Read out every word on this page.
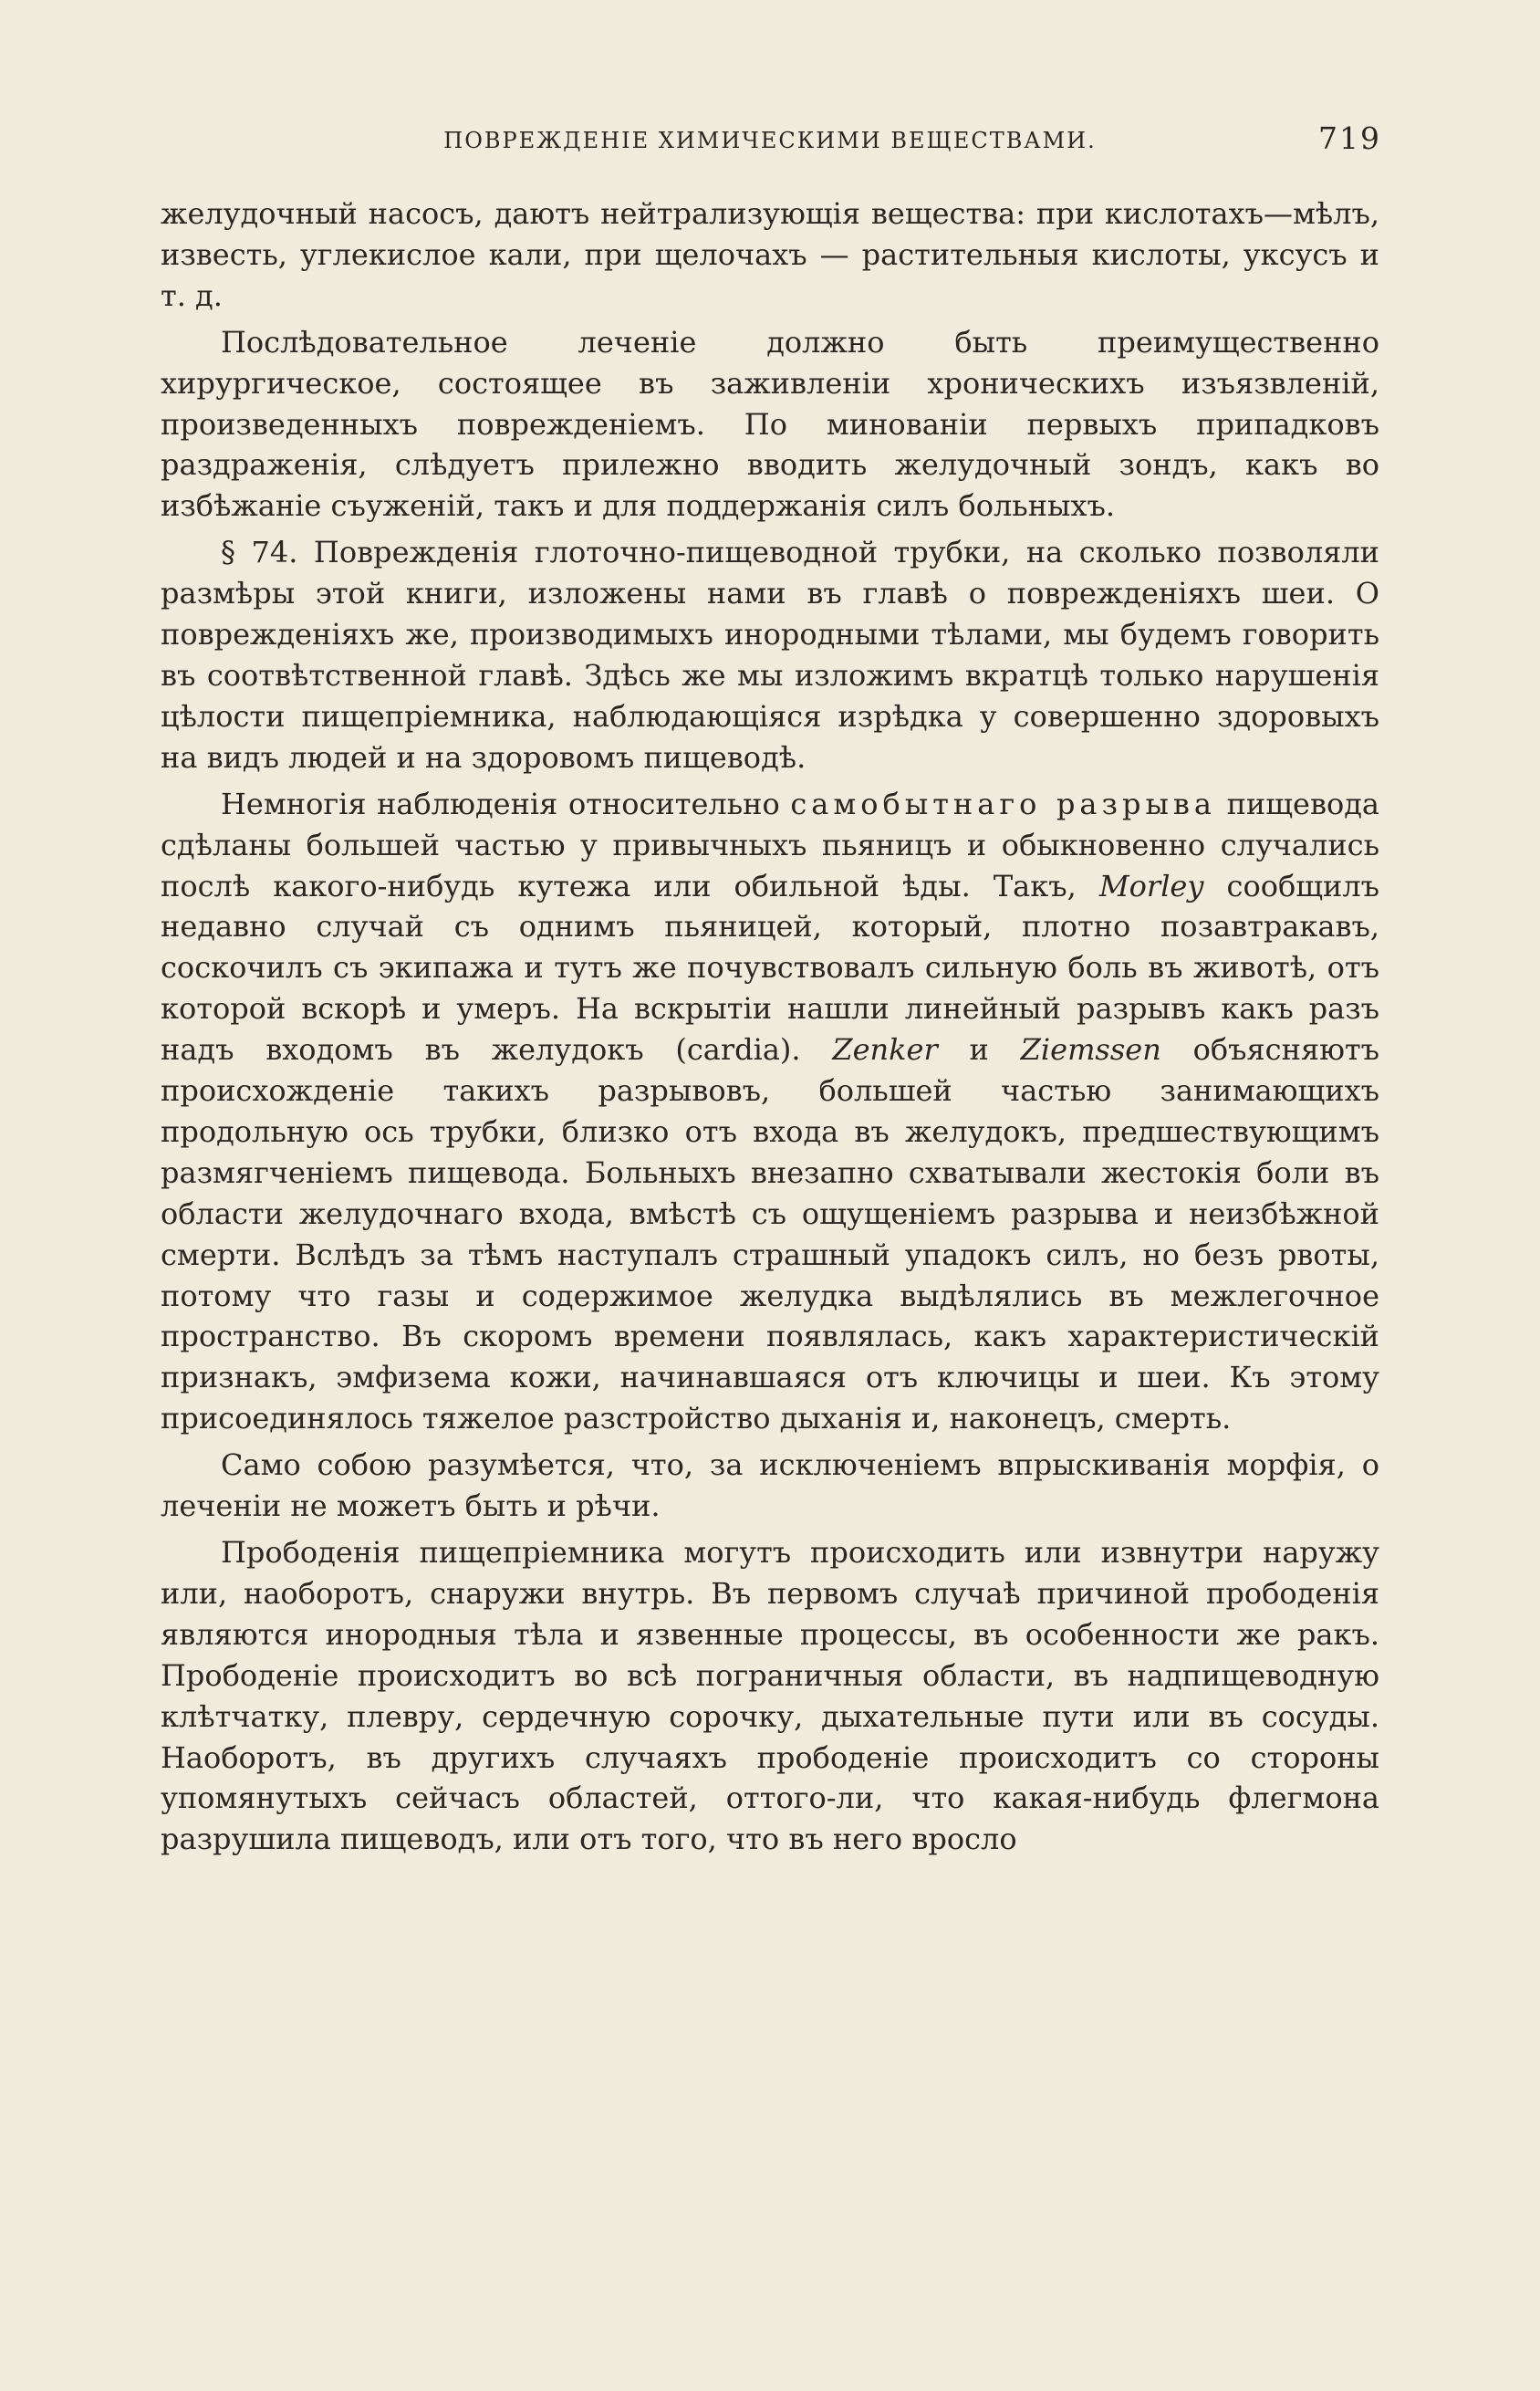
ПОВРЕЖДЕНІЕ ХИМИЧЕСКИМИ ВЕЩЕСТВАМИ.	719

желудочный насосъ, даютъ нейтрализующія вещества: при кислотахъ—мѣлъ, известь, углекислое кали, при щелочахъ — растительныя кислоты, уксусъ и т. д.

Послѣдовательное леченіе должно быть преимущественно хирургическое, состоящее въ заживленіи хроническихъ изъязвленій, произведенныхъ поврежденіемъ. По минованіи первыхъ припадковъ раздраженія, слѣдуетъ прилежно вводить желудочный зондъ, какъ во избѣжаніе съуженій, такъ и для поддержанія силъ больныхъ.

§ 74. Поврежденія глоточно-пищеводной трубки, на сколько позволяли размѣры этой книги, изложены нами въ главѣ о поврежденіяхъ шеи. О поврежденіяхъ же, производимыхъ инородными тѣлами, мы будемъ говорить въ соотвѣтственной главѣ. Здѣсь же мы изложимъ вкратцѣ только нарушенія цѣлости пищепріемника, наблюдающіяся изрѣдка у совершенно здоровыхъ на видъ людей и на здоровомъ пищеводѣ.

Немногія наблюденія относительно самобытнаго разрыва пищевода сдѣланы большей частью у привычныхъ пьяницъ и обыкновенно случались послѣ какого-нибудь кутежа или обильной ѣды. Такъ, Morley сообщилъ недавно случай съ однимъ пьяницей, который, плотно позавтракавъ, соскочилъ съ экипажа и тутъ же почувствовалъ сильную боль въ животѣ, отъ которой вскорѣ и умеръ. На вскрытіи нашли линейный разрывъ какъ разъ надъ входомъ въ желудокъ (cardia). Zenker и Ziemssen объясняютъ происхожденіе такихъ разрывовъ, большей частью занимающихъ продольную ось трубки, близко отъ входа въ желудокъ, предшествующимъ размягченіемъ пищевода. Больныхъ внезапно схватывали жестокія боли въ области желудочнаго входа, вмѣстѣ съ ощущеніемъ разрыва и неизбѣжной смерти. Вслѣдъ за тѣмъ наступалъ страшный упадокъ силъ, но безъ рвоты, потому что газы и содержимое желудка выдѣлялись въ межлегочное пространство. Въ скоромъ времени появлялась, какъ характеристическій признакъ, эмфизема кожи, начинавшаяся отъ ключицы и шеи. Къ этому присоединялось тяжелое разстройство дыханія и, наконецъ, смерть.

Само собою разумѣется, что, за исключеніемъ впрыскиванія морфія, о леченіи не можетъ быть и рѣчи.

Прободенія пищепріемника могутъ происходить или извнутри наружу или, наоборотъ, снаружи внутрь. Въ первомъ случаѣ причиной прободенія являются инородныя тѣла и язвенные процессы, въ особенности же ракъ. Прободеніе происходитъ во всѣ пограничныя области, въ надпищеводную клѣтчатку, плевру, сердечную сорочку, дыхательные пути или въ сосуды. Наоборотъ, въ другихъ случаяхъ прободеніе происходитъ со стороны упомянутыхъ сейчасъ областей, оттого-ли, что какая-нибудь флегмона разрушила пищеводъ, или отъ того, что въ него вросло
